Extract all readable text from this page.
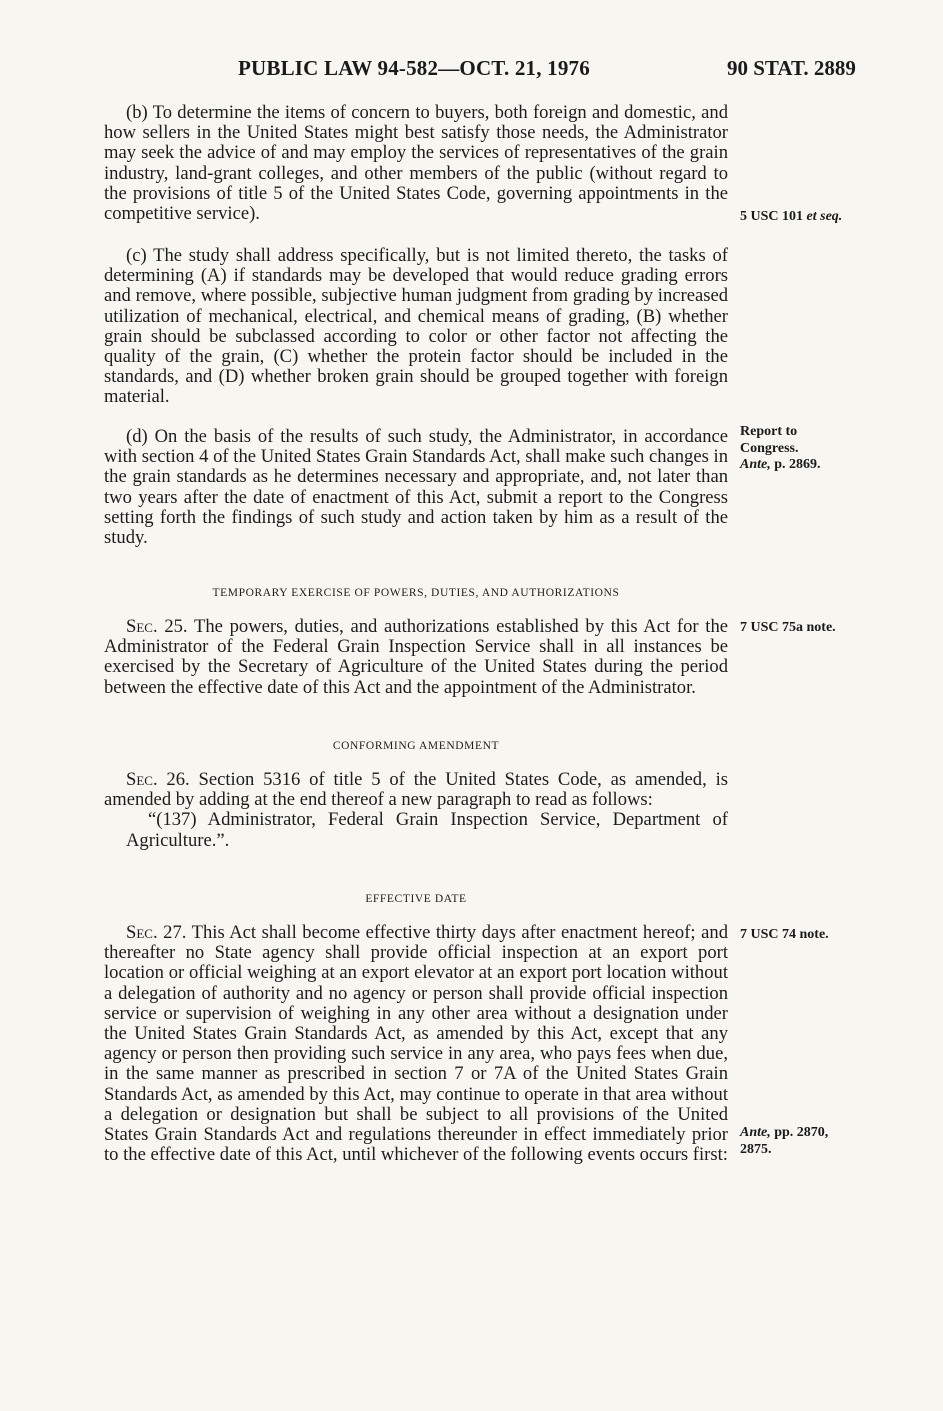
PUBLIC LAW 94-582—OCT. 21, 1976	90 STAT. 2889

(b) To determine the items of concern to buyers, both foreign and domestic, and how sellers in the United States might best satisfy those needs, the Administrator may seek the advice of and may employ the services of representatives of the grain industry, land-grant colleges, and other members of the public (without regard to the provisions of title 5 of the United States Code, governing appointments in the competitive service).

(c) The study shall address specifically, but is not limited thereto, the tasks of determining (A) if standards may be developed that would reduce grading errors and remove, where possible, subjective human judgment from grading by increased utilization of mechanical, electrical, and chemical means of grading, (B) whether grain should be subclassed according to color or other factor not affecting the quality of the grain, (C) whether the protein factor should be included in the standards, and (D) whether broken grain should be grouped together with foreign material.

(d) On the basis of the results of such study, the Administrator, in accordance with section 4 of the United States Grain Standards Act, shall make such changes in the grain standards as he determines necessary and appropriate, and, not later than two years after the date of enactment of this Act, submit a report to the Congress setting forth the findings of such study and action taken by him as a result of the study.

TEMPORARY EXERCISE OF POWERS, DUTIES, AND AUTHORIZATIONS

Sec. 25. The powers, duties, and authorizations established by this Act for the Administrator of the Federal Grain Inspection Service shall in all instances be exercised by the Secretary of Agriculture of the United States during the period between the effective date of this Act and the appointment of the Administrator.

CONFORMING AMENDMENT

Sec. 26. Section 5316 of title 5 of the United States Code, as amended, is amended by adding at the end thereof a new paragraph to read as follows:

“(137) Administrator, Federal Grain Inspection Service, Department of Agriculture.”.

EFFECTIVE DATE

Sec. 27. This Act shall become effective thirty days after enactment hereof; and thereafter no State agency shall provide official inspection at an export port location or official weighing at an export elevator at an export port location without a delegation of authority and no agency or person shall provide official inspection service or supervision of weighing in any other area without a designation under the United States Grain Standards Act, as amended by this Act, except that any agency or person then providing such service in any area, who pays fees when due, in the same manner as prescribed in section 7 or 7A of the United States Grain Standards Act, as amended by this Act, may continue to operate in that area without a delegation or designation but shall be subject to all provisions of the United States Grain Standards Act and regulations thereunder in effect immediately prior to the effective date of this Act, until whichever of the following events occurs first:

5 USC 101 et seq.
Report to
Congress.
Ante, p. 2869.
7 USC 75a note.
7 USC 74 note.
Ante, pp. 2870,
2875.
